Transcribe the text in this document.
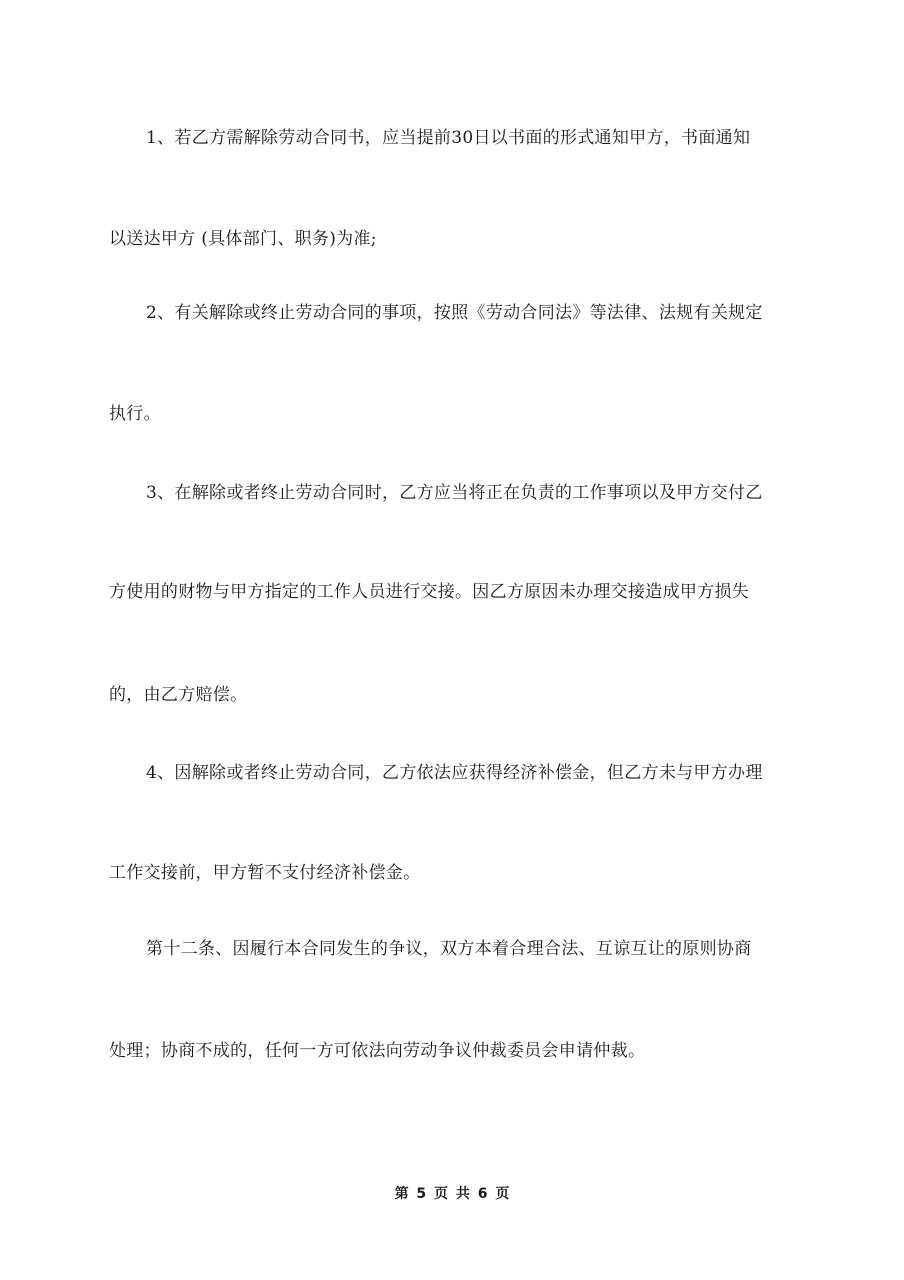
1、若乙方需解除劳动合同书，应当提前30日以书面的形式通知甲方，书面通知
以送达甲方 (具体部门、职务)为准;
2、有关解除或终止劳动合同的事项，按照《劳动合同法》等法律、法规有关规定
执行。
3、在解除或者终止劳动合同时，乙方应当将正在负责的工作事项以及甲方交付乙
方使用的财物与甲方指定的工作人员进行交接。因乙方原因未办理交接造成甲方损失
的，由乙方赔偿。
4、因解除或者终止劳动合同，乙方依法应获得经济补偿金，但乙方未与甲方办理
工作交接前，甲方暂不支付经济补偿金。
第十二条、因履行本合同发生的争议，双方本着合理合法、互谅互让的原则协商
处理；协商不成的，任何一方可依法向劳动争议仲裁委员会申请仲裁。
第 5 页 共 6 页
